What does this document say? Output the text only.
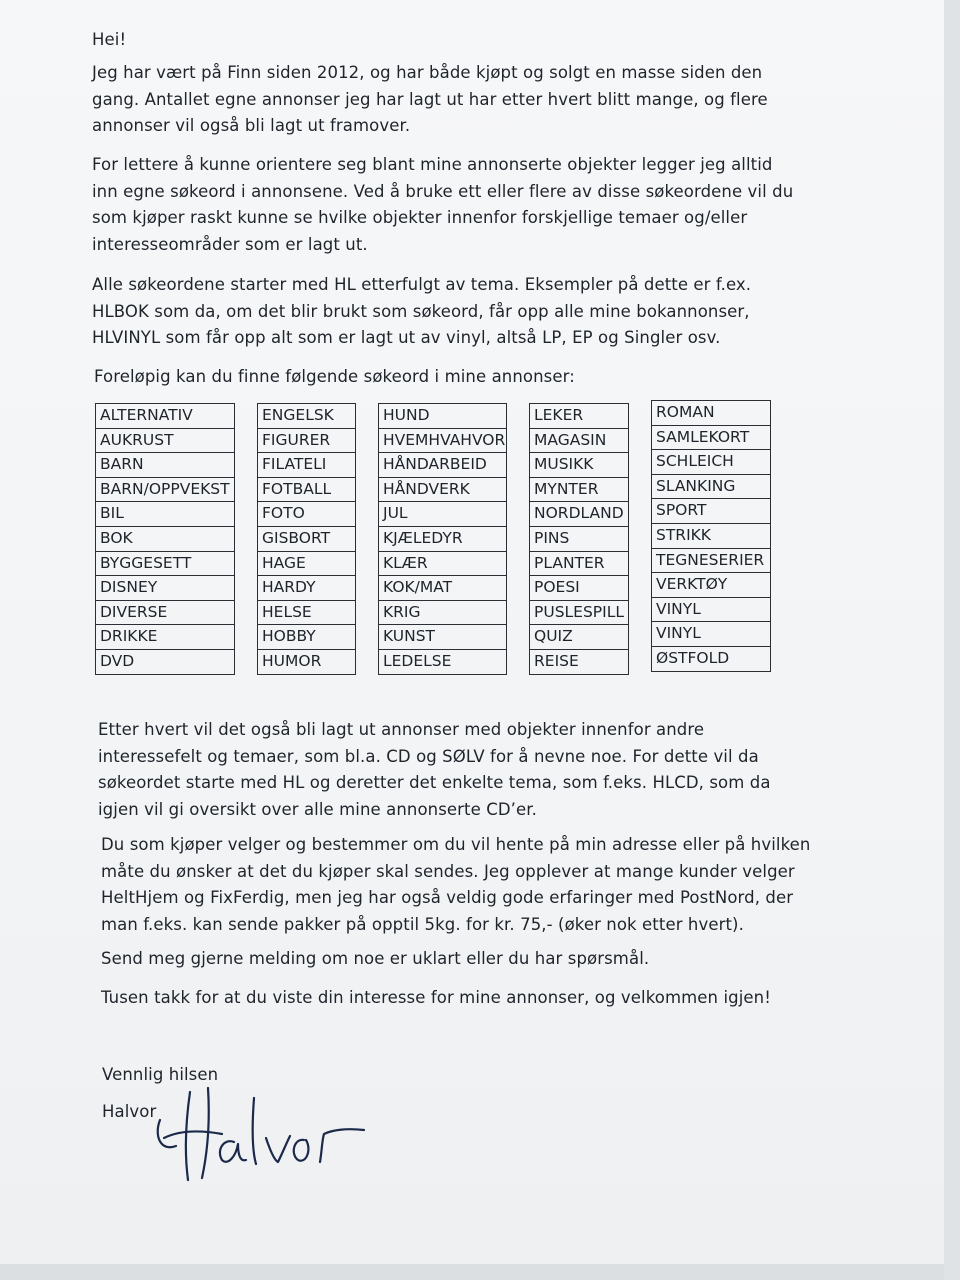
Hei!

Jeg har vært på Finn siden 2012, og har både kjøpt og solgt en masse siden den
gang. Antallet egne annonser jeg har lagt ut har etter hvert blitt mange, og flere
annonser vil også bli lagt ut framover.

For lettere å kunne orientere seg blant mine annonserte objekter legger jeg alltid
inn egne søkeord i annonsene. Ved å bruke ett eller flere av disse søkeordene vil du
som kjøper raskt kunne se hvilke objekter innenfor forskjellige temaer og/eller
interesseområder som er lagt ut.

Alle søkeordene starter med HL etterfulgt av tema. Eksempler på dette er f.ex.
HLBOK som da, om det blir brukt som søkeord, får opp alle mine bokannonser,
HLVINYL som får opp alt som er lagt ut av vinyl, altså LP, EP og Singler osv.

Foreløpig kan du finne følgende søkeord i mine annonser:

ALTERNATIV
AUKRUST
BARN
BARN/OPPVEKST
BIL
BOK
BYGGESETT
DISNEY
DIVERSE
DRIKKE
DVD
ENGELSK
FIGURER
FILATELI
FOTBALL
FOTO
GISBORT
HAGE
HARDY
HELSE
HOBBY
HUMOR
HUND
HVEMHVAHVOR
HÅNDARBEID
HÅNDVERK
JUL
KJÆLEDYR
KLÆR
KOK/MAT
KRIG
KUNST
LEDELSE
LEKER
MAGASIN
MUSIKK
MYNTER
NORDLAND
PINS
PLANTER
POESI
PUSLESPILL
QUIZ
REISE
ROMAN
SAMLEKORT
SCHLEICH
SLANKING
SPORT
STRIKK
TEGNESERIER
VERKTØY
VINYL
VINYL
ØSTFOLD

Etter hvert vil det også bli lagt ut annonser med objekter innenfor andre
interessefelt og temaer, som bl.a. CD og SØLV for å nevne noe. For dette vil da
søkeordet starte med HL og deretter det enkelte tema, som f.eks. HLCD, som da
igjen vil gi oversikt over alle mine annonserte CD’er.

Du som kjøper velger og bestemmer om du vil hente på min adresse eller på hvilken
måte du ønsker at det du kjøper skal sendes. Jeg opplever at mange kunder velger
HeltHjem og FixFerdig, men jeg har også veldig gode erfaringer med PostNord, der
man f.eks. kan sende pakker på opptil 5kg. for kr. 75,- (øker nok etter hvert).

Send meg gjerne melding om noe er uklart eller du har spørsmål.

Tusen takk for at du viste din interesse for mine annonser, og velkommen igjen!

Vennlig hilsen

Halvor
